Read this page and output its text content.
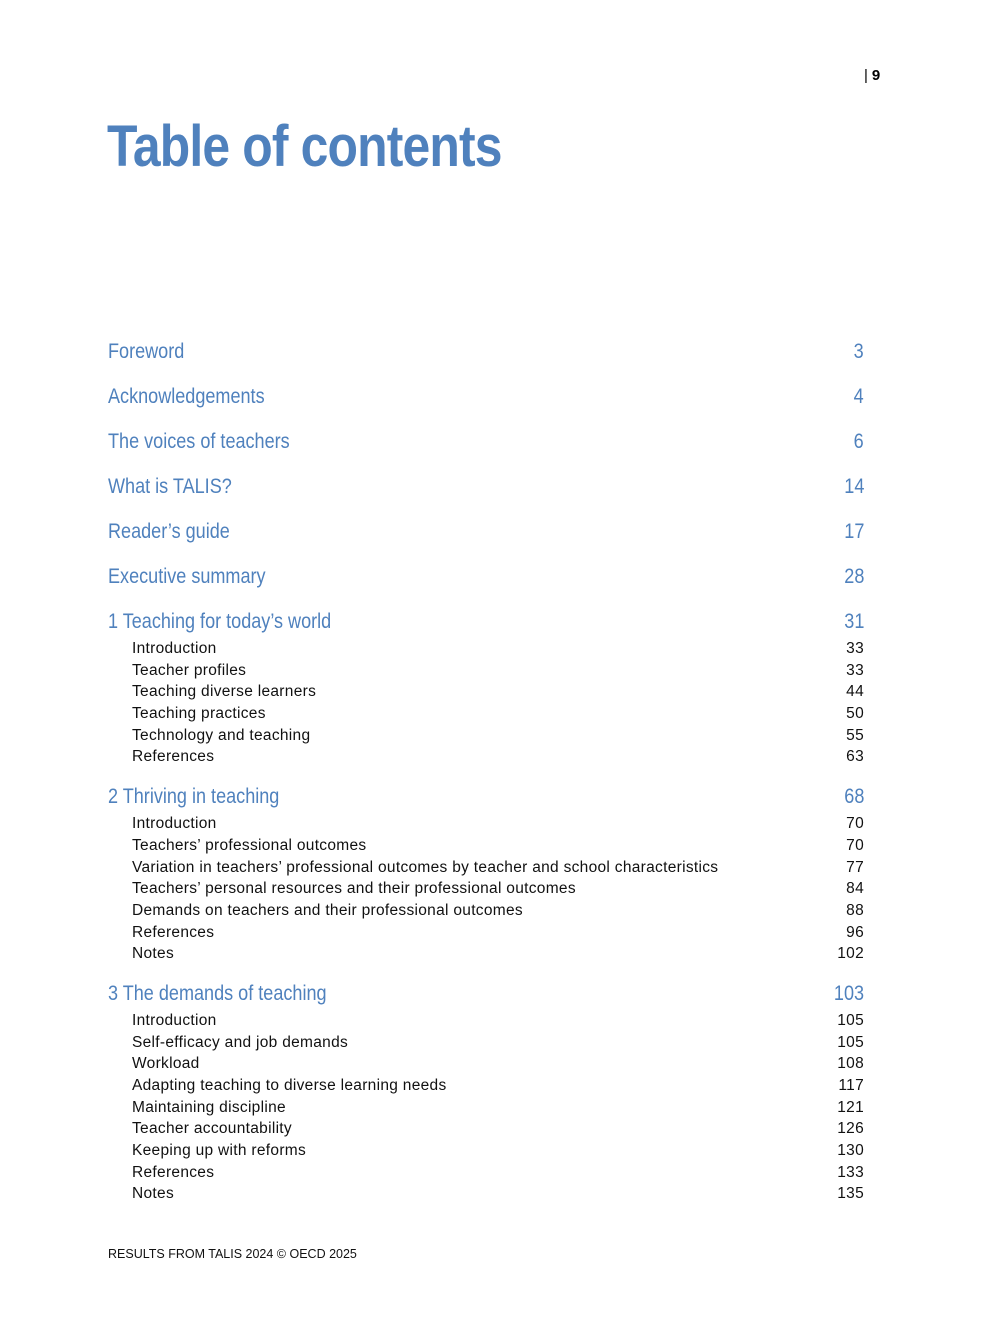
| 9
Table of contents
Foreword	3
Acknowledgements	4
The voices of teachers	6
What is TALIS?	14
Reader’s guide	17
Executive summary	28
1 Teaching for today’s world	31
Introduction	33
Teacher profiles	33
Teaching diverse learners	44
Teaching practices	50
Technology and teaching	55
References	63
2 Thriving in teaching	68
Introduction	70
Teachers’ professional outcomes	70
Variation in teachers’ professional outcomes by teacher and school characteristics	77
Teachers’ personal resources and their professional outcomes	84
Demands on teachers and their professional outcomes	88
References	96
Notes	102
3 The demands of teaching	103
Introduction	105
Self-efficacy and job demands	105
Workload	108
Adapting teaching to diverse learning needs	117
Maintaining discipline	121
Teacher accountability	126
Keeping up with reforms	130
References	133
Notes	135
RESULTS FROM TALIS 2024 © OECD 2025
